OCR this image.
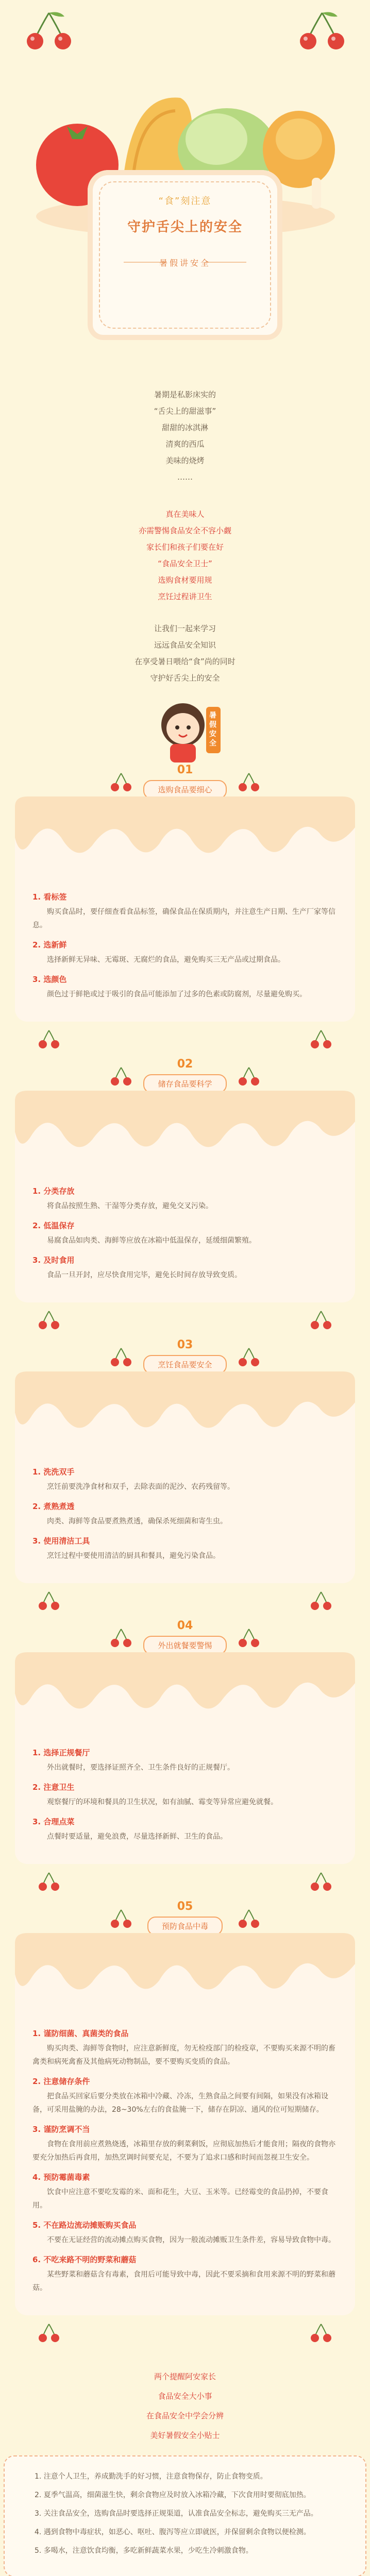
“食”刻注意
守护舌尖上的安全
暑假讲安全
暑期是私影床实的
“舌尖上的甜滋事”
甜甜的冰淇淋
清爽的西瓜
美味的烧烤
……
真在美味人
亦需警惕食品安全不容小觑
家长们和孩子们要在好
“食品安全卫士”
选购食材要用规
烹饪过程讲卫生
让我们一起来学习
远远食品安全知识
在享受暑日喂给“食”尚的同时
守护好舌尖上的安全
暑假安全
01
选购食品要细心
1. 看标签
购买食品时，要仔细查看食品标签，确保食品在保质期内，并注意生产日期、生产厂家等信息。
2. 选新鲜
选择新鲜无异味、无霉斑、无腐烂的食品，避免购买三无产品或过期食品。
3. 选颜色
颜色过于鲜艳或过于吸引的食品可能添加了过多的色素或防腐剂，尽量避免购买。
02
储存食品要科学
1. 分类存放
将食品按照生熟、干湿等分类存放，避免交叉污染。
2. 低温保存
易腐食品如肉类、海鲜等应放在冰箱中低温保存，延缓细菌繁殖。
3. 及时食用
食品一旦开封，应尽快食用完毕，避免长时间存放导致变质。
03
烹饪食品要安全
1. 洗洗双手
烹饪前要洗净食材和双手，去除表面的泥沙、农药残留等。
2. 煮熟煮透
肉类、海鲜等食品要煮熟煮透，确保杀死细菌和寄生虫。
3. 使用清洁工具
烹饪过程中要使用清洁的厨具和餐具，避免污染食品。
04
外出就餐要警惕
1. 选择正规餐厅
外出就餐时，要选择证照齐全、卫生条件良好的正规餐厅。
2. 注意卫生
观察餐厅的环境和餐具的卫生状况，如有油腻、霉变等异常应避免就餐。
3. 合理点菜
点餐时要适量，避免浪费，尽量选择新鲜、卫生的食品。
05
预防食品中毒
1. 谨防细菌、真菌类的食品
购买肉类、海鲜等食物时，应注意新鲜度，勿无检疫部门的检疫章，不要购买来源不明的畜禽类和病死禽畜及其他病死动物制品，要不要购买变质的食品。
2. 注意储存条件
把食品买回家后要分类放在冰箱中冷藏、冷冻，生熟食品之间要有间隔，如果没有冰箱设备，可采用盐腌的办法，28~30%左右的食盐腌一下，储存在阴凉、通风的位可短期储存。
3. 谨防烹调不当
食物在食用前应煮熟烧透，冰箱里存放的剩菜剩饭，应彻底加热后才能食用；隔夜的食物亦要充分加热后再食用，加热烹调时间要充足，不要为了追求口感和时间而忽视卫生安全。
4. 预防霉菌毒素
饮食中应注意不要吃发霉的米、面和花生，大豆、玉米等。已经霉变的食品扔掉，不要食用。
5. 不在路边流动摊贩购买食品
不要在无证经营的流动摊点购买食物，因为一般流动摊贩卫生条件差，容易导致食物中毒。
6. 不吃来路不明的野菜和蘑菇
某些野菜和蘑菇含有毒素，食用后可能导致中毒，因此不要采摘和食用来源不明的野菜和蘑菇。
两个提醒阿安家长
食品安全大小事
在食品安全中学会分辨
美好暑假安全小贴士

1. 注意个人卫生，养成勤洗手的好习惯，注意食物保存，防止食物变质。

2. 夏季气温高，细菌滋生快，剩余食物应及时放入冰箱冷藏，下次食用时要彻底加热。

3. 关注食品安全，选购食品时要选择正规渠道，认准食品安全标志，避免购买三无产品。

4. 遇到食物中毒症状，如恶心、呕吐、腹泻等应立即就医，并保留剩余食物以便检测。

5. 多喝水，注意饮食均衡，多吃新鲜蔬菜水果，少吃生冷刺激食物。
